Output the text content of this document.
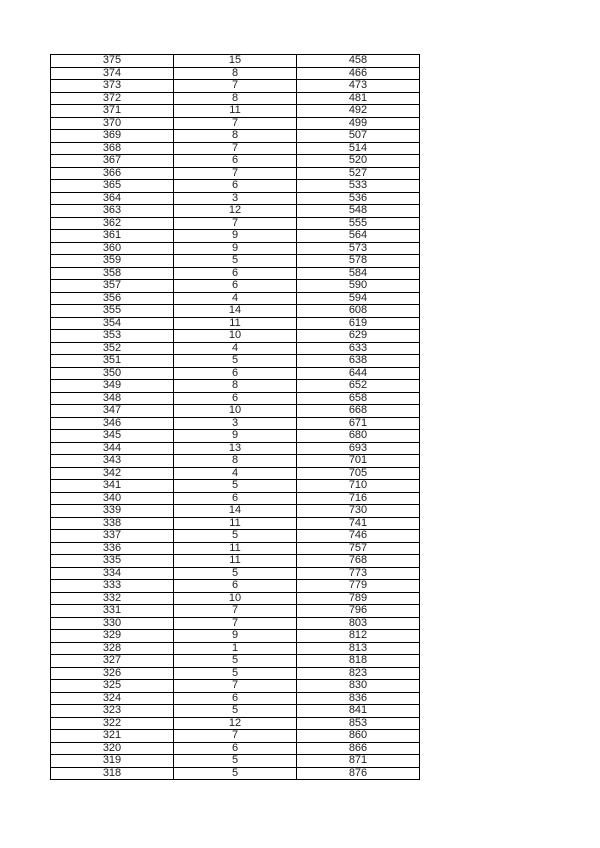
375	15	458
374	8	466
373	7	473
372	8	481
371	11	492
370	7	499
369	8	507
368	7	514
367	6	520
366	7	527
365	6	533
364	3	536
363	12	548
362	7	555
361	9	564
360	9	573
359	5	578
358	6	584
357	6	590
356	4	594
355	14	608
354	11	619
353	10	629
352	4	633
351	5	638
350	6	644
349	8	652
348	6	658
347	10	668
346	3	671
345	9	680
344	13	693
343	8	701
342	4	705
341	5	710
340	6	716
339	14	730
338	11	741
337	5	746
336	11	757
335	11	768
334	5	773
333	6	779
332	10	789
331	7	796
330	7	803
329	9	812
328	1	813
327	5	818
326	5	823
325	7	830
324	6	836
323	5	841
322	12	853
321	7	860
320	6	866
319	5	871
318	5	876
